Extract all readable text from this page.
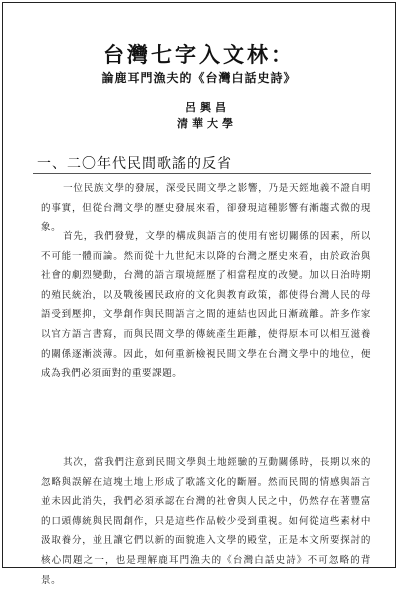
台灣七字入文林：
論鹿耳門漁夫的《台灣白話史詩》
呂興昌
清華大學
一、二〇年代民間歌謠的反省
一位民族文學的發展，深受民間文學之影響，乃是天經地義不證自明的事實，但從台灣文學的歷史發展來看，卻發現這種影響有漸趨式微的現象。
首先，我們發覺，文學的構成與語言的使用有密切關係的因素，所以不可能一體而論。然而從十九世紀末以降的台灣之歷史來看，由於政治與社會的劇烈變動，台灣的語言環境經歷了相當程度的改變。加以日治時期的殖民統治，以及戰後國民政府的文化與教育政策，都使得台灣人民的母語受到壓抑，文學創作與民間語言之間的連結也因此日漸疏離。許多作家以官方語言書寫，而與民間文學的傳統產生距離，使得原本可以相互滋養的關係逐漸淡薄。因此，如何重新檢視民間文學在台灣文學中的地位，便成為我們必須面對的重要課題。
其次，當我們注意到民間文學與土地經驗的互動關係時，長期以來的忽略與誤解在這塊土地上形成了歌謠文化的斷層。然而民間的情感與語言並未因此消失，我們必須承認在台灣的社會與人民之中，仍然存在著豐富的口頭傳統與民間創作，只是這些作品較少受到重視。如何從這些素材中汲取養分，並且讓它們以新的面貌進入文學的殿堂，正是本文所要探討的核心問題之一，也是理解鹿耳門漁夫的《台灣白話史詩》不可忽略的背景。
